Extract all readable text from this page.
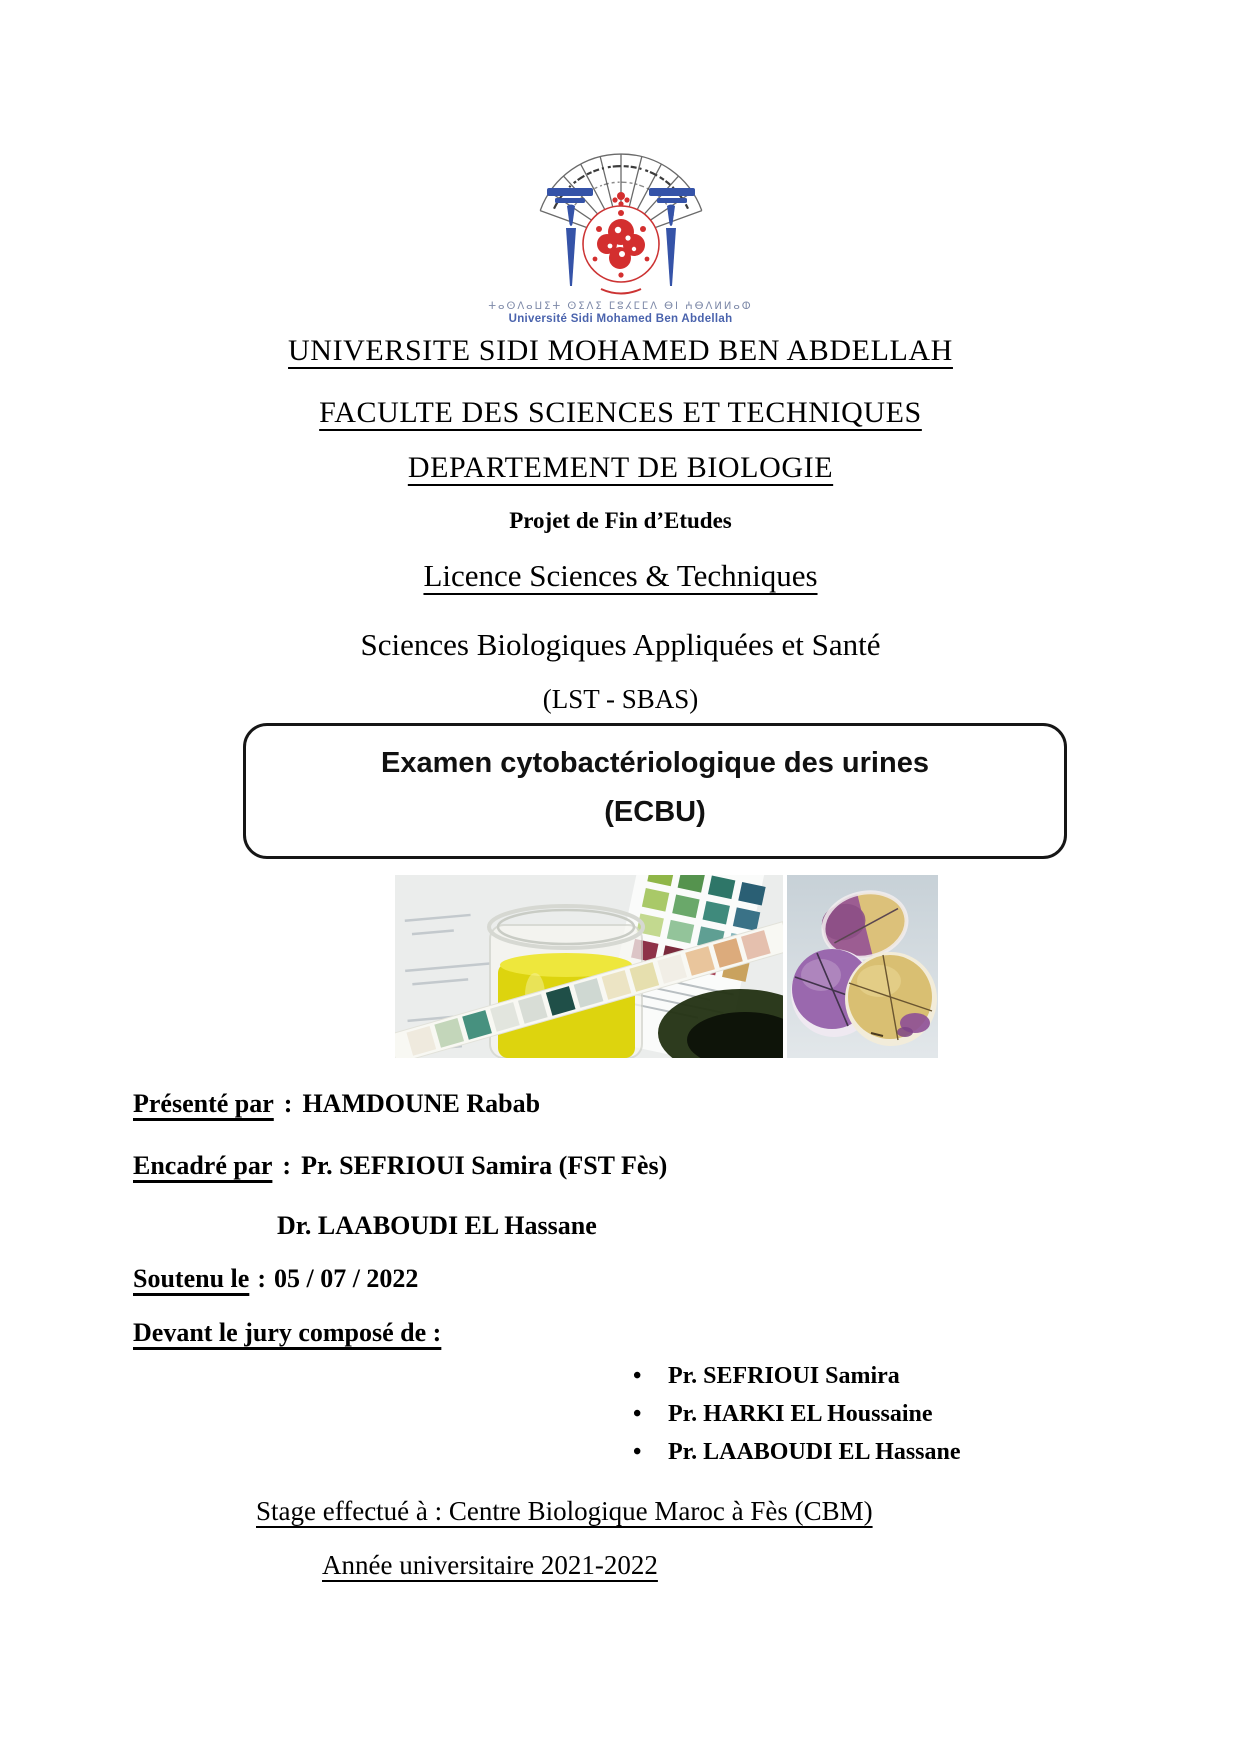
ⵜⴰⵙⴷⴰⵡⵉⵜ ⵙⵉⴷⵉ ⵎⵓⵃⵎⵎⴷ ⴱⵏ ⵄⴱⴷⵍⵍⴰⵀ
Université Sidi Mohamed Ben Abdellah
UNIVERSITE SIDI MOHAMED BEN ABDELLAH
FACULTE DES SCIENCES ET TECHNIQUES
DEPARTEMENT DE BIOLOGIE
Projet de Fin d’Etudes
Licence Sciences & Techniques
Sciences Biologiques Appliquées et Santé
(LST - SBAS)
Examen cytobactériologique des urines
(ECBU)
Présenté par : HAMDOUNE Rabab
Encadré par : Pr. SEFRIOUI Samira (FST Fès)
Dr. LAABOUDI EL Hassane
Soutenu le : 05 / 07 / 2022
Devant le jury composé de :
• Pr. SEFRIOUI Samira
• Pr. HARKI EL Houssaine
• Pr. LAABOUDI EL Hassane
Stage effectué à : Centre Biologique Maroc à Fès (CBM)
Année universitaire 2021-2022
